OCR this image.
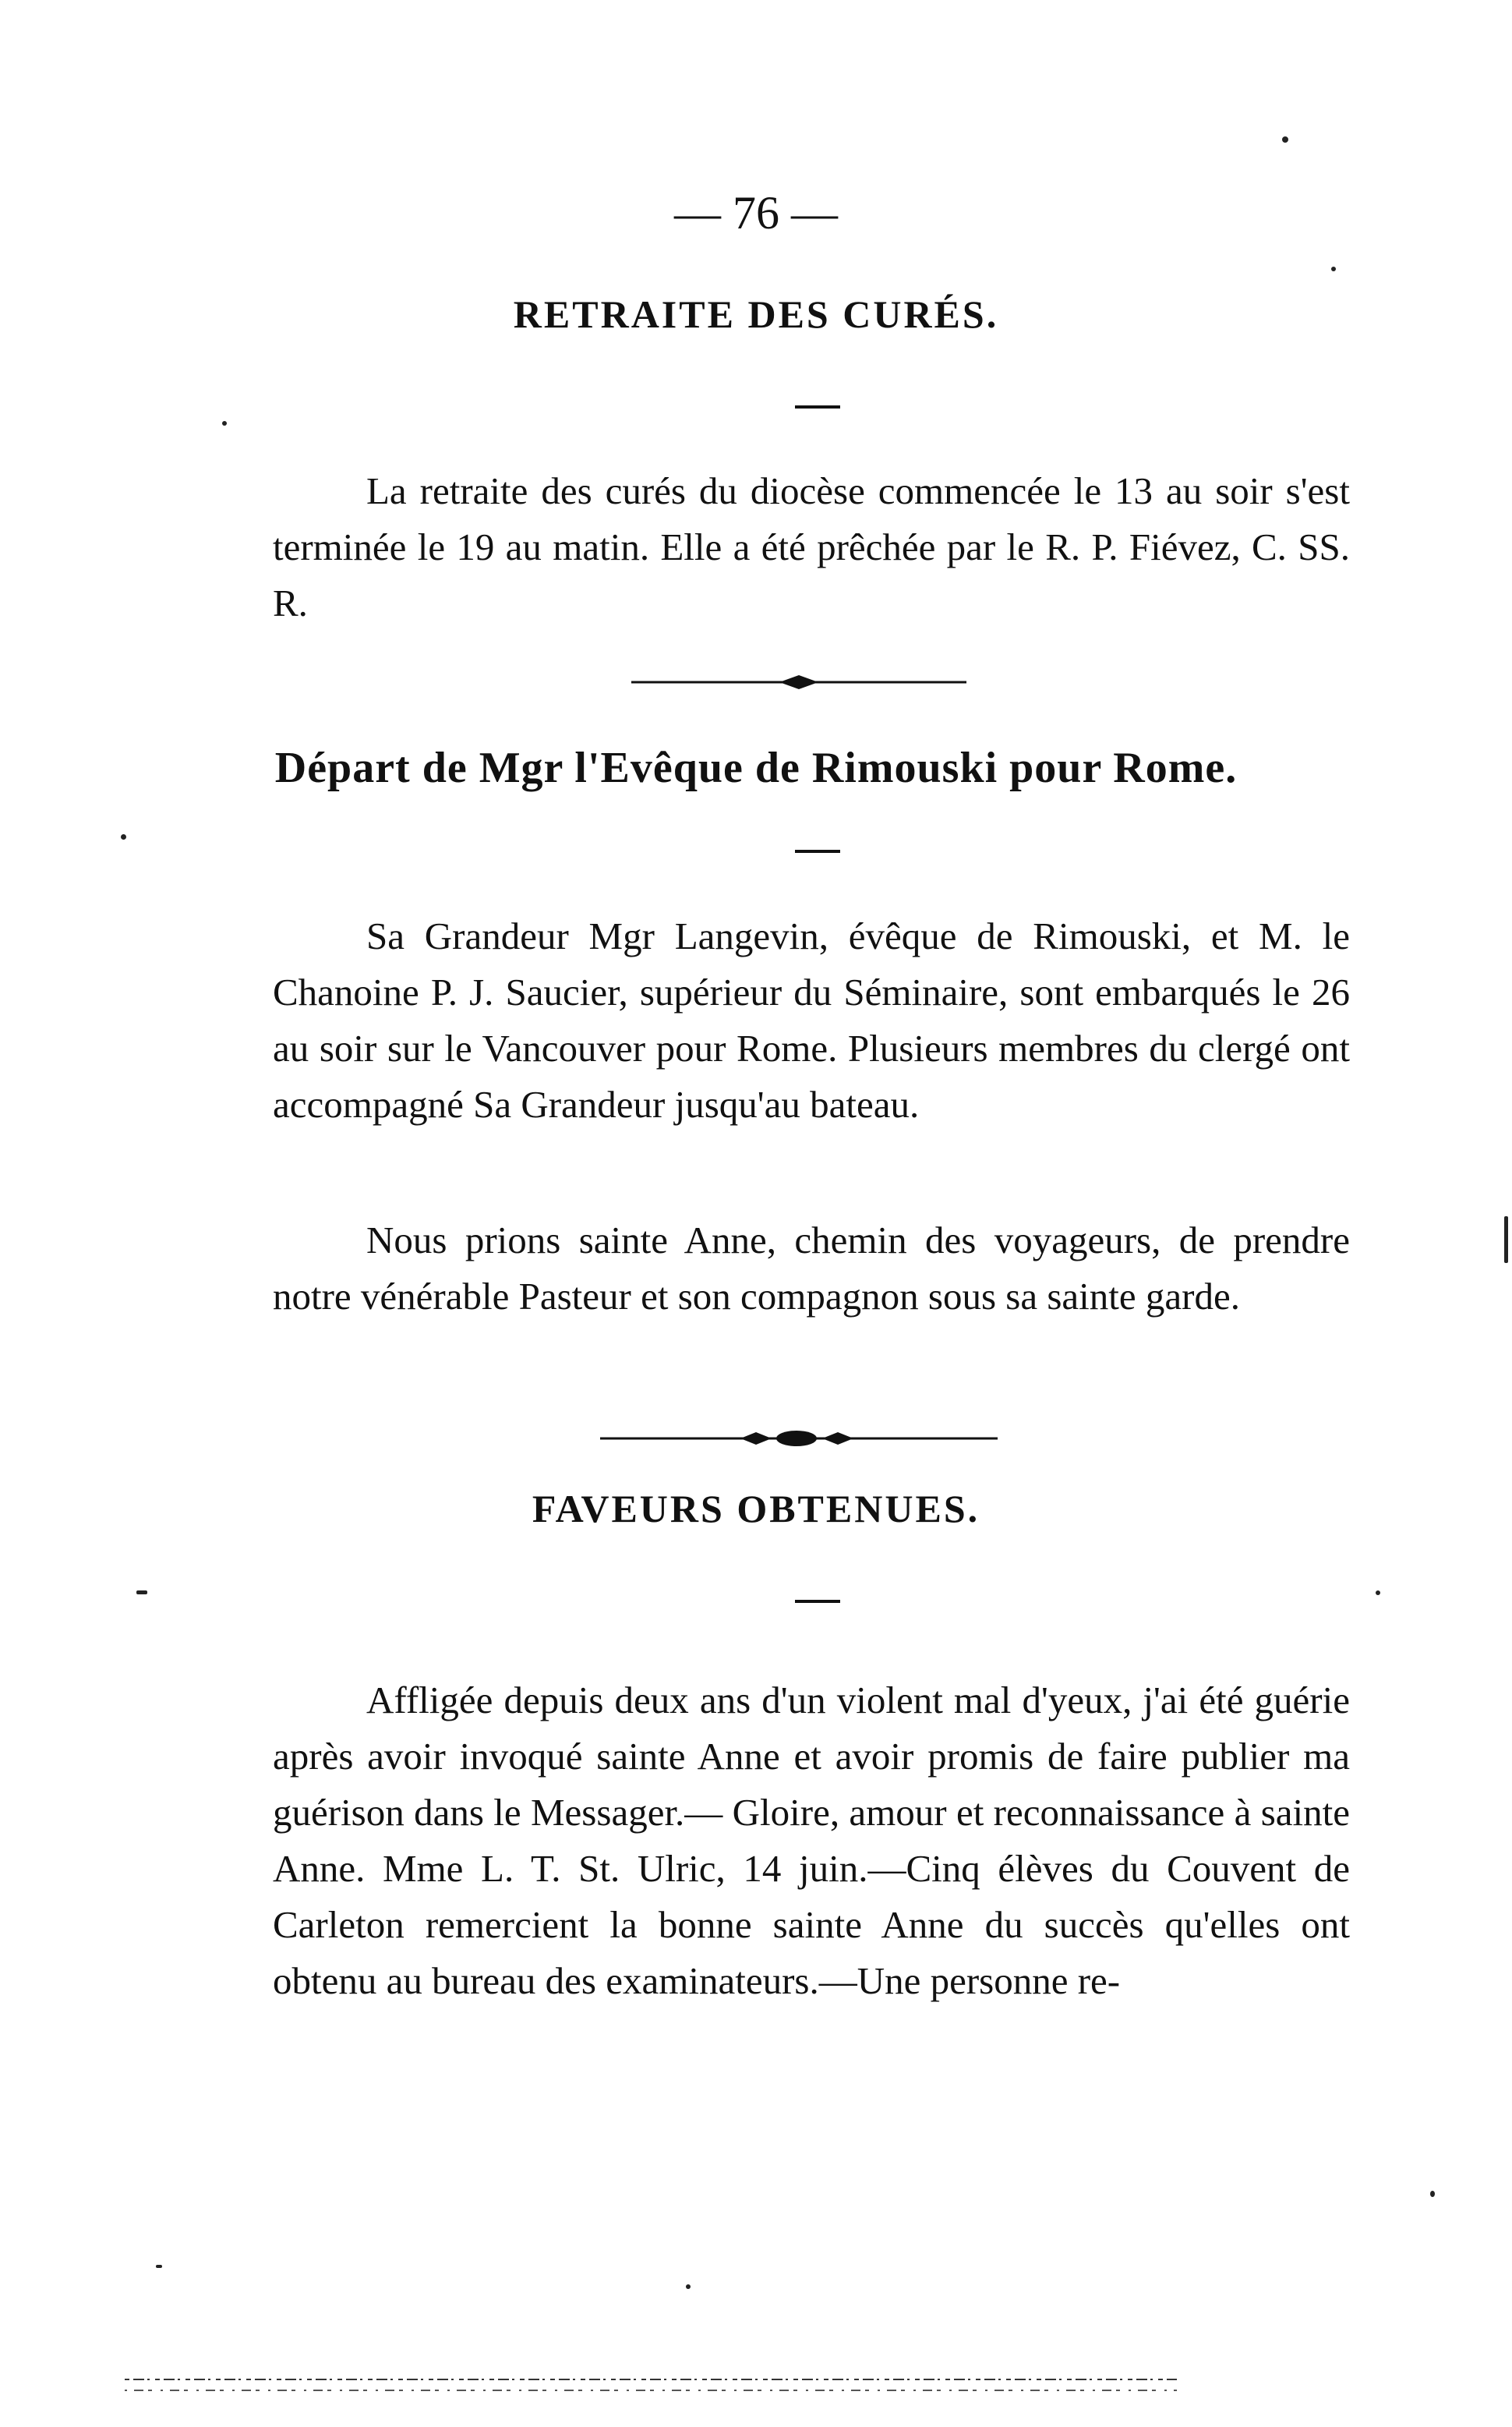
— 76 —
RETRAITE DES CURÉS.

La retraite des curés du diocèse commencée le 13 au soir s'est terminée le 19 au matin. Elle a été prêchée par le R. P. Fiévez, C. SS. R.

Départ de Mgr l'Evêque de Rimouski pour Rome.

Sa Grandeur Mgr Langevin, évêque de Rimouski, et M. le Chanoine P. J. Saucier, supérieur du Séminaire, sont embarqués le 26 au soir sur le Vancouver pour Rome. Plusieurs membres du clergé ont accompagné Sa Grandeur jusqu'au bateau.

Nous prions sainte Anne, chemin des voyageurs, de prendre notre vénérable Pasteur et son compagnon sous sa sainte garde.

FAVEURS OBTENUES.

Affligée depuis deux ans d'un violent mal d'yeux, j'ai été guérie après avoir invoqué sainte Anne et avoir promis de faire publier ma guérison dans le Messager.— Gloire, amour et reconnaissance à sainte Anne. Mme L. T. St. Ulric, 14 juin.—Cinq élèves du Couvent de Carleton remercient la bonne sainte Anne du succès qu'elles ont obtenu au bureau des examinateurs.—Une personne re-
